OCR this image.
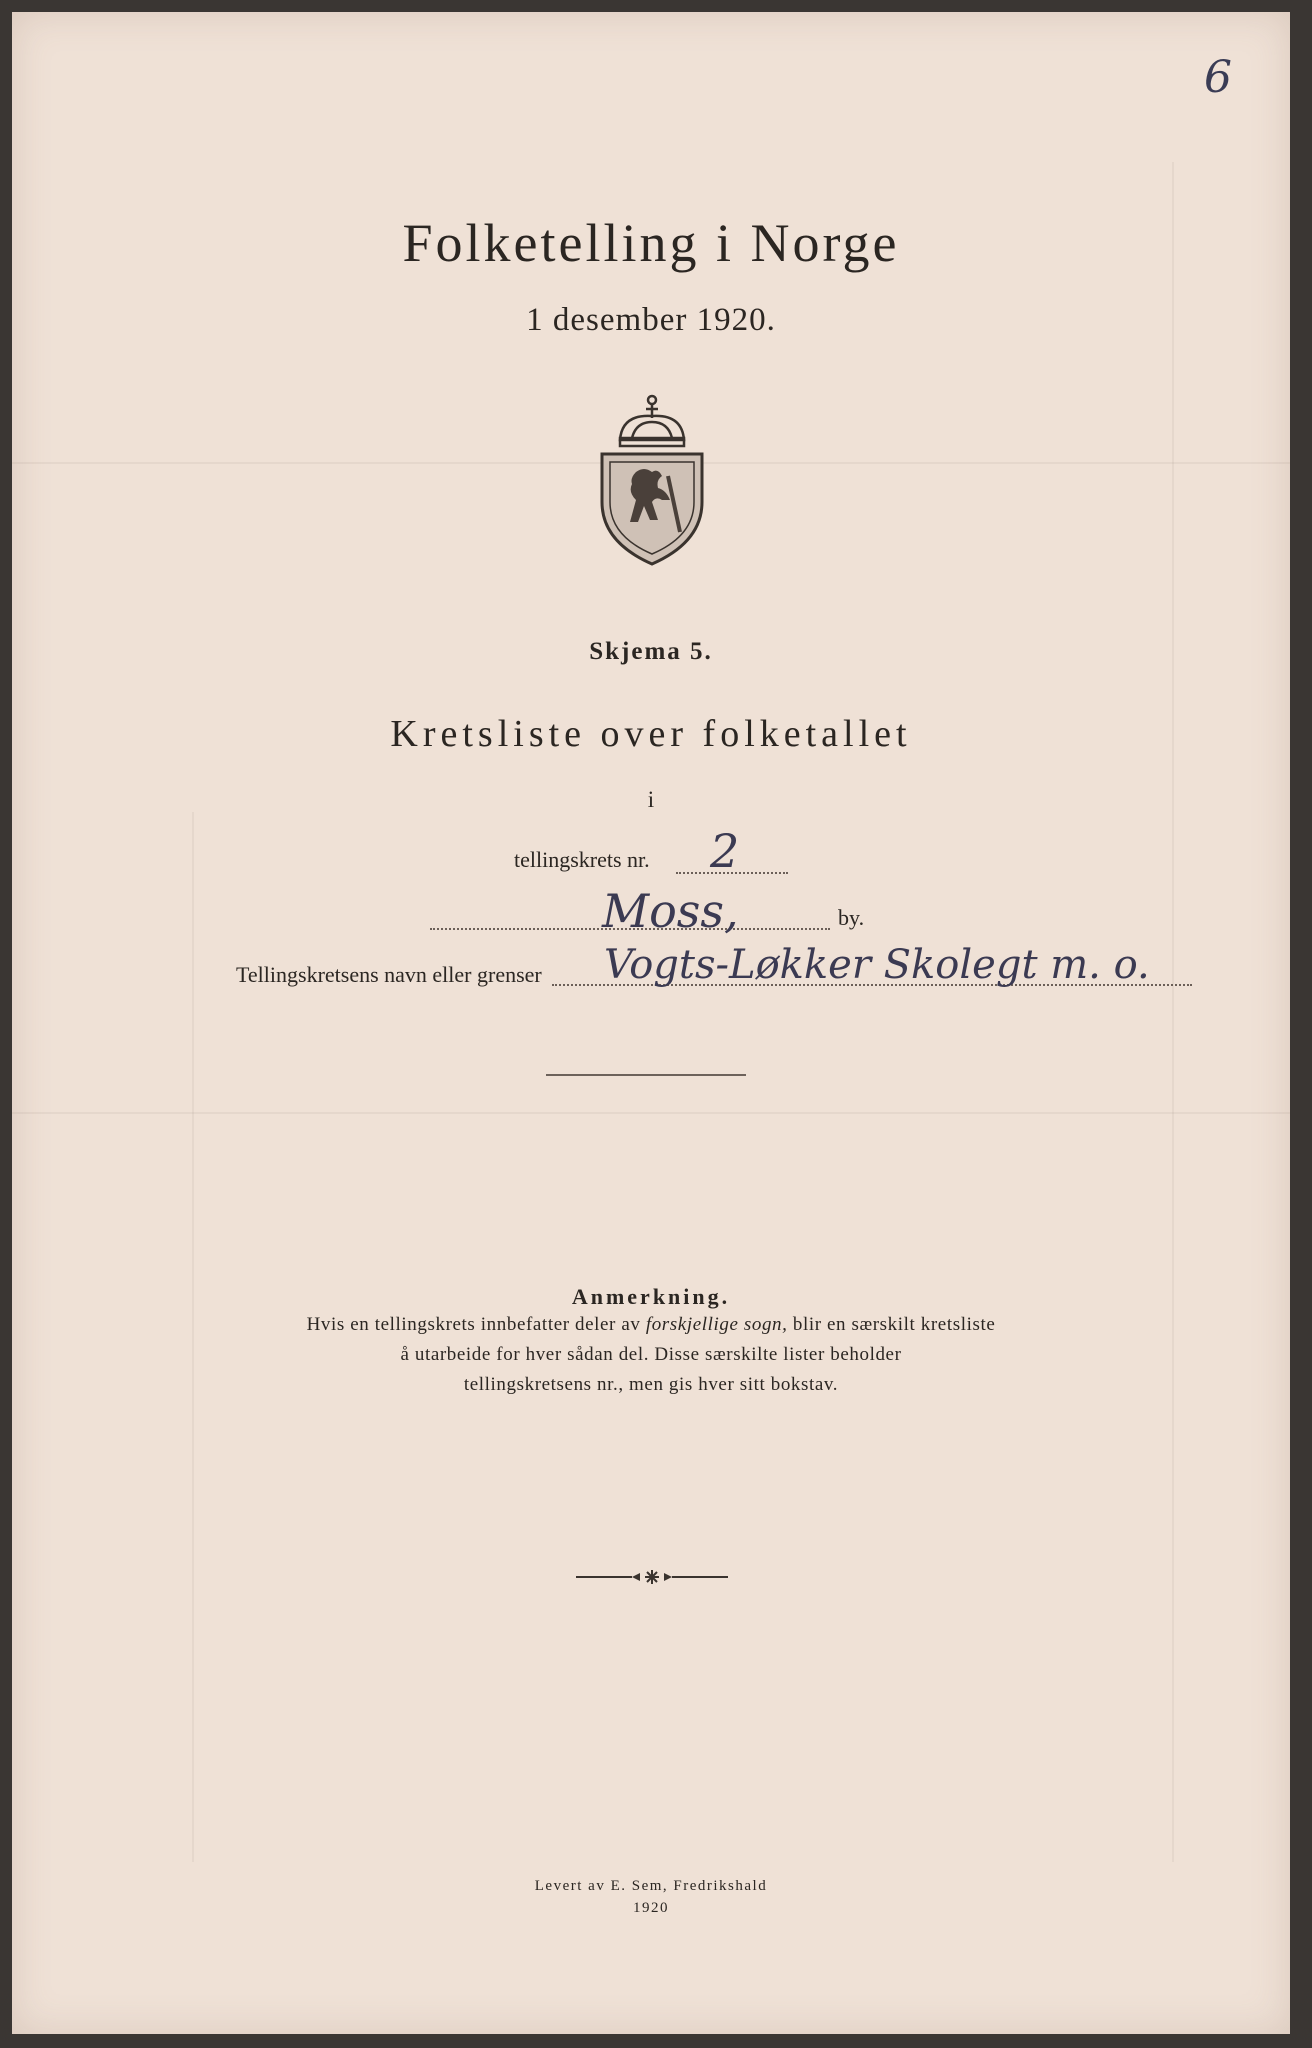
6
Folketelling i Norge
1 desember 1920.
Skjema 5.
Kretsliste over folketallet
i
tellingskrets nr. 2
Moss,	by.
Tellingskretsens navn eller grenser Vogts-Løkker Skolegt m. o.
Anmerkning.
Hvis en tellingskrets innbefatter deler av forskjellige sogn, blir en særskilt kretsliste
å utarbeide for hver sådan del. Disse særskilte lister beholder
tellingskretsens nr., men gis hver sitt bokstav.
Levert av E. Sem, Fredrikshald
1920
